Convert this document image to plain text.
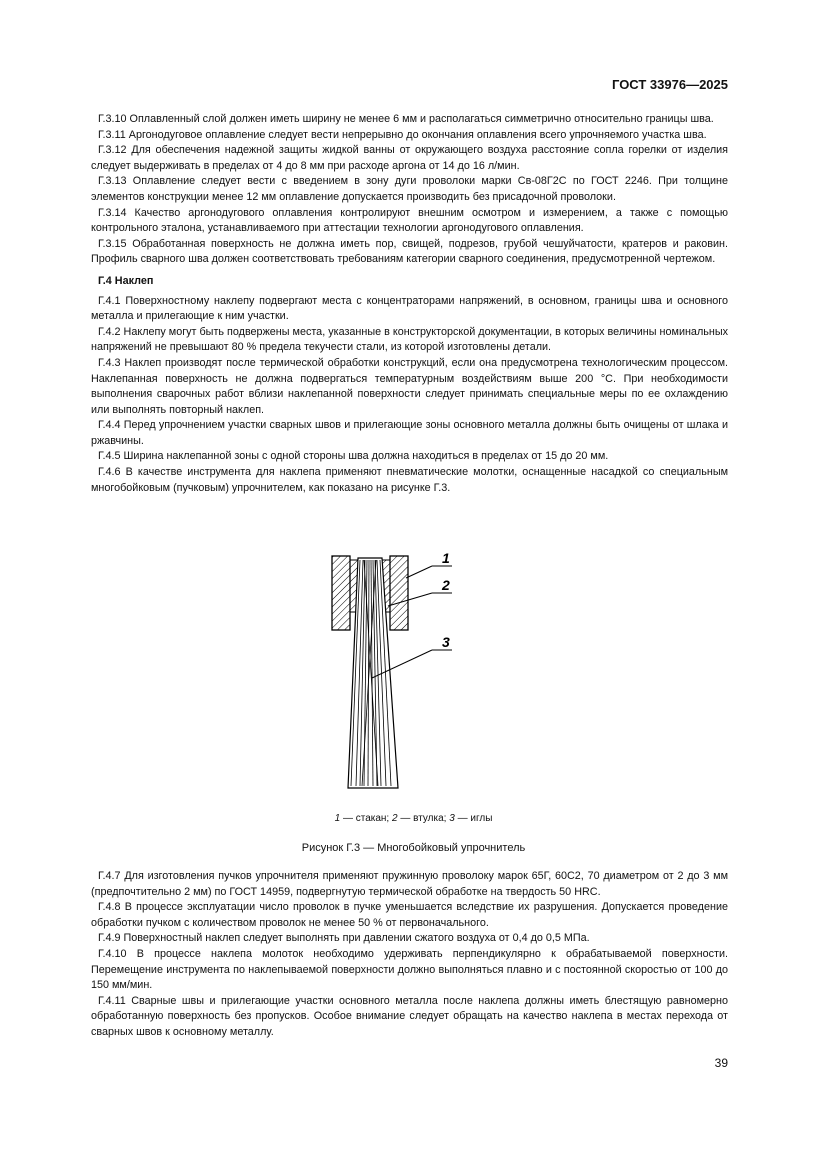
ГОСТ 33976—2025

Г.3.10 Оплавленный слой должен иметь ширину не менее 6 мм и располагаться симметрично относительно границы шва.

Г.3.11 Аргонодуговое оплавление следует вести непрерывно до окончания оплавления всего упрочняемого участка шва.

Г.3.12 Для обеспечения надежной защиты жидкой ванны от окружающего воздуха расстояние сопла горелки от изделия следует выдерживать в пределах от 4 до 8 мм при расходе аргона от 14 до 16 л/мин.

Г.3.13 Оплавление следует вести с введением в зону дуги проволоки марки Св-08Г2С по ГОСТ 2246. При толщине элементов конструкции менее 12 мм оплавление допускается производить без присадочной проволоки.

Г.3.14 Качество аргонодугового оплавления контролируют внешним осмотром и измерением, а также с помощью контрольного эталона, устанавливаемого при аттестации технологии аргонодугового оплавления.

Г.3.15 Обработанная поверхность не должна иметь пор, свищей, подрезов, грубой чешуйчатости, кратеров и раковин. Профиль сварного шва должен соответствовать требованиям категории сварного соединения, предусмотренной чертежом.

Г.4 Наклеп

Г.4.1 Поверхностному наклепу подвергают места с концентраторами напряжений, в основном, границы шва и основного металла и прилегающие к ним участки.

Г.4.2 Наклепу могут быть подвержены места, указанные в конструкторской документации, в которых величины номинальных напряжений не превышают 80 % предела текучести стали, из которой изготовлены детали.

Г.4.3 Наклеп производят после термической обработки конструкций, если она предусмотрена технологическим процессом. Наклепанная поверхность не должна подвергаться температурным воздействиям выше 200 °С. При необходимости выполнения сварочных работ вблизи наклепанной поверхности следует принимать специальные меры по ее охлаждению или выполнять повторный наклеп.

Г.4.4 Перед упрочнением участки сварных швов и прилегающие зоны основного металла должны быть очищены от шлака и ржавчины.

Г.4.5 Ширина наклепанной зоны с одной стороны шва должна находиться в пределах от 15 до 20 мм.

Г.4.6 В качестве инструмента для наклепа применяют пневматические молотки, оснащенные насадкой со специальным многобойковым (пучковым) упрочнителем, как показано на рисунке Г.3.

1
2
3
1 — стакан; 2 — втулка; 3 — иглы
Рисунок Г.3 — Многобойковый упрочнитель

Г.4.7 Для изготовления пучков упрочнителя применяют пружинную проволоку марок 65Г, 60С2, 70 диаметром от 2 до 3 мм (предпочтительно 2 мм) по ГОСТ 14959, подвергнутую термической обработке на твердость 50 HRC.

Г.4.8 В процессе эксплуатации число проволок в пучке уменьшается вследствие их разрушения. Допускается проведение обработки пучком с количеством проволок не менее 50 % от первоначального.

Г.4.9 Поверхностный наклеп следует выполнять при давлении сжатого воздуха от 0,4 до 0,5 МПа.

Г.4.10 В процессе наклепа молоток необходимо удерживать перпендикулярно к обрабатываемой поверхности. Перемещение инструмента по наклепываемой поверхности должно выполняться плавно и с постоянной скоростью от 100 до 150 мм/мин.

Г.4.11 Сварные швы и прилегающие участки основного металла после наклепа должны иметь блестящую равномерно обработанную поверхность без пропусков. Особое внимание следует обращать на качество наклепа в местах перехода от сварных швов к основному металлу.

39
